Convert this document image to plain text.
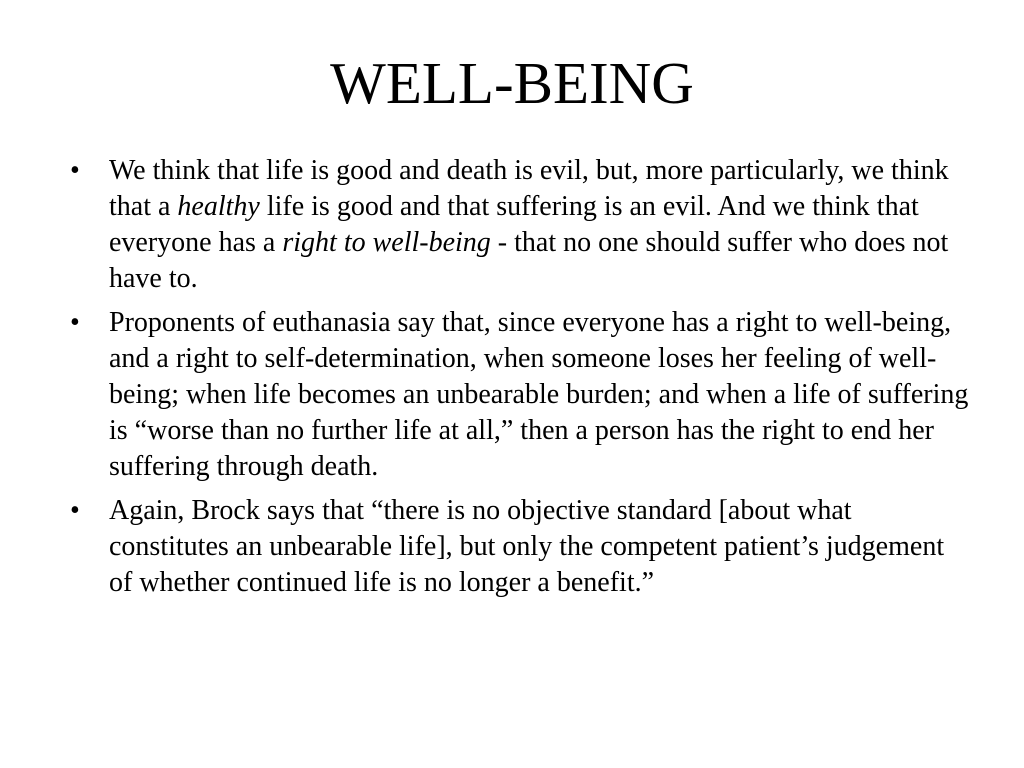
WELL-BEING
•	We think that life is good and death is evil, but, more particularly, we think that a healthy life is good and that suffering is an evil. And we think that everyone has a right to well-being - that no one should suffer who does not have to.
•	Proponents of euthanasia say that, since everyone has a right to well-being, and a right to self-determination, when someone loses her feeling of well-being; when life becomes an unbearable burden; and when a life of suffering is “worse than no further life at all,” then a person has the right to end her suffering through death.
•	Again, Brock says that “there is no objective standard [about what constitutes an unbearable life], but only the competent patient’s judgement of whether continued life is no longer a benefit.”
